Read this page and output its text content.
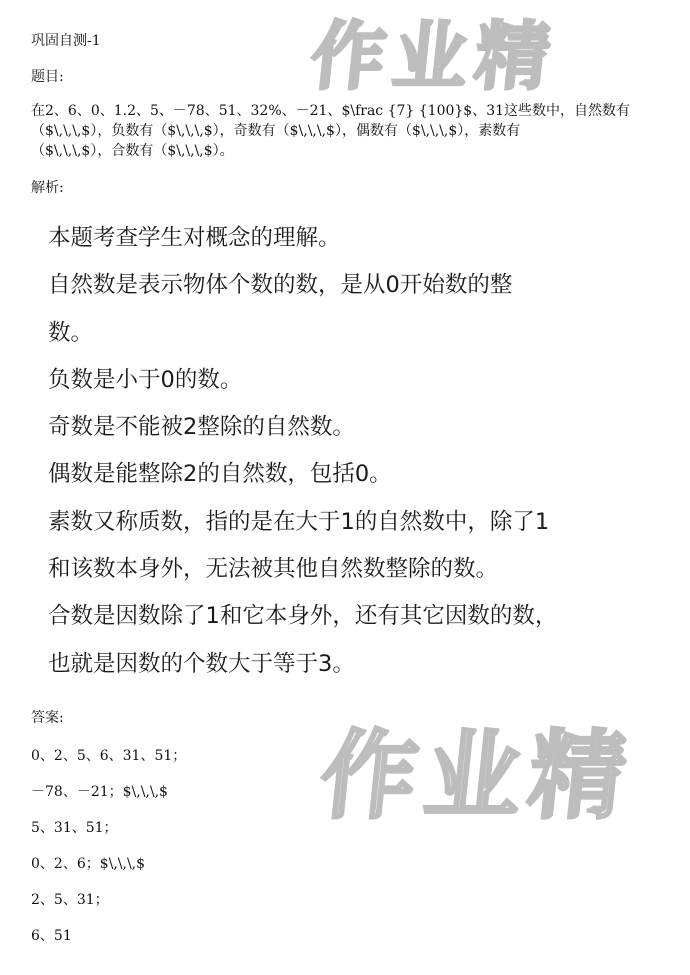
作业精
作业精
巩固自测-1
题目:
在2、6、0、1.2、5、－78、51、32%、－21、$\frac {7} {100}$、31这些数中，自然数有
（$\,\,\,$），负数有（$\,\,\,$），奇数有（$\,\,\,$），偶数有（$\,\,\,$），素数有
（$\,\,\,$），合数有（$\,\,\,$）。
解析:
本题考查学生对概念的理解。
自然数是表示物体个数的数，是从0开始数的整
数。
负数是小于0的数。
奇数是不能被2整除的自然数。
偶数是能整除2的自然数，包括0。
素数又称质数，指的是在大于1的自然数中，除了1
和该数本身外，无法被其他自然数整除的数。
合数是因数除了1和它本身外，还有其它因数的数，
也就是因数的个数大于等于3。
答案:
0、2、5、6、31、51；
－78、－21；$\,\,\,$
5、31、51；
0、2、6；$\,\,\,$
2、5、31；
6、51
